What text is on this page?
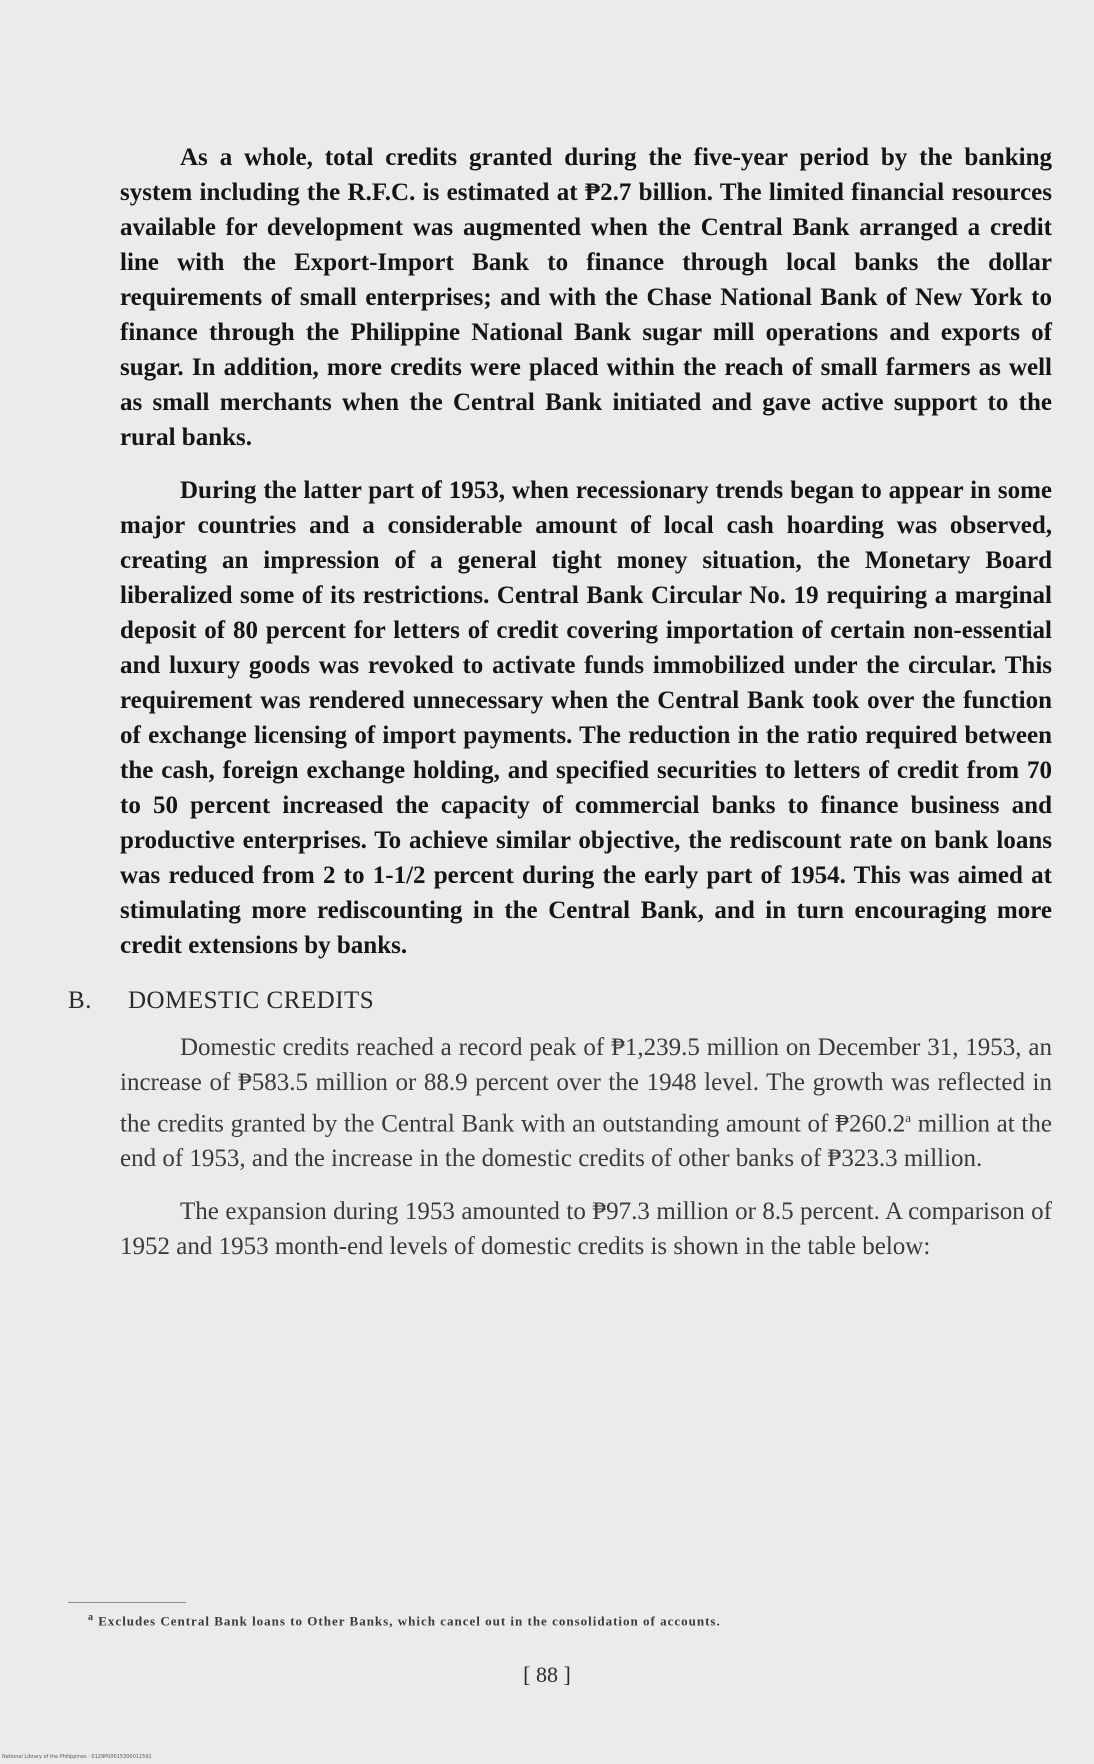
As a whole, total credits granted during the five-year period by the banking system including the R.F.C. is estimated at ₱2.7 billion. The limited financial resources available for development was augmented when the Central Bank arranged a credit line with the Export-Import Bank to finance through local banks the dollar requirements of small enterprises; and with the Chase National Bank of New York to finance through the Philippine National Bank sugar mill operations and exports of sugar. In addition, more credits were placed within the reach of small farmers as well as small merchants when the Central Bank initiated and gave active support to the rural banks.

During the latter part of 1953, when recessionary trends began to appear in some major countries and a considerable amount of local cash hoarding was observed, creating an impression of a general tight money situation, the Monetary Board liberalized some of its restrictions. Central Bank Circular No. 19 requiring a marginal deposit of 80 percent for letters of credit covering importation of certain non-essential and luxury goods was revoked to activate funds immobilized under the circular. This requirement was rendered unnecessary when the Central Bank took over the function of exchange licensing of import payments. The reduction in the ratio required between the cash, foreign exchange holding, and specified securities to letters of credit from 70 to 50 percent increased the capacity of commercial banks to finance business and productive enterprises. To achieve similar objective, the rediscount rate on bank loans was reduced from 2 to 1-1/2 percent during the early part of 1954. This was aimed at stimulating more rediscounting in the Central Bank, and in turn encouraging more credit extensions by banks.

B. DOMESTIC CREDITS

Domestic credits reached a record peak of ₱1,239.5 million on December 31, 1953, an increase of ₱583.5 million or 88.9 percent over the 1948 level. The growth was reflected in the credits granted by the Central Bank with an outstanding amount of ₱260.2$^a$ million at the end of 1953, and the increase in the domestic credits of other banks of ₱323.3 million.

The expansion during 1953 amounted to ₱97.3 million or 8.5 percent. A comparison of 1952 and 1953 month-end levels of domestic credits is shown in the table below:

$^a$ Excludes Central Bank loans to Other Banks, which cancel out in the consolidation of accounts.
[ 88 ]
National Library of the Philippines · 0129P00015300011591
